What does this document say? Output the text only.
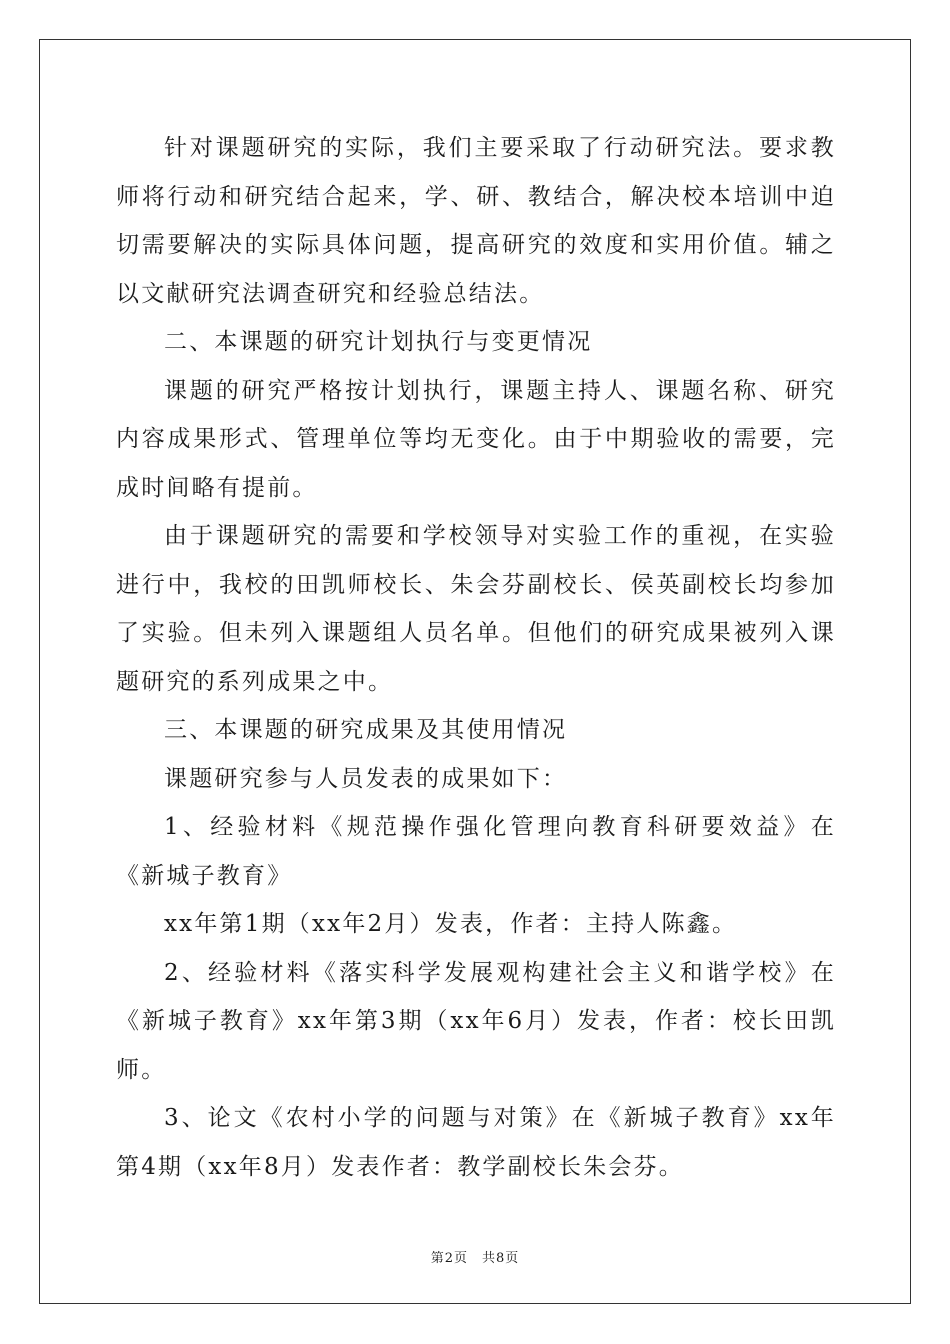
针对课题研究的实际，我们主要采取了行动研究法。要求教师将行动和研究结合起来，学、研、教结合，解决校本培训中迫切需要解决的实际具体问题，提高研究的效度和实用价值。辅之以文献研究法调查研究和经验总结法。

二、本课题的研究计划执行与变更情况

课题的研究严格按计划执行，课题主持人、课题名称、研究内容成果形式、管理单位等均无变化。由于中期验收的需要，完成时间略有提前。

由于课题研究的需要和学校领导对实验工作的重视，在实验进行中，我校的田凯师校长、朱会芬副校长、侯英副校长均参加了实验。但未列入课题组人员名单。但他们的研究成果被列入课题研究的系列成果之中。

三、本课题的研究成果及其使用情况

课题研究参与人员发表的成果如下：

1、经验材料《规范操作强化管理向教育科研要效益》在《新城子教育》

xx年第1期（xx年2月）发表，作者：主持人陈鑫。

2、经验材料《落实科学发展观构建社会主义和谐学校》在《新城子教育》xx年第3期（xx年6月）发表，作者：校长田凯师。

3、论文《农村小学的问题与对策》在《新城子教育》xx年第4期（xx年8月）发表作者：教学副校长朱会芬。

第2页　共8页
